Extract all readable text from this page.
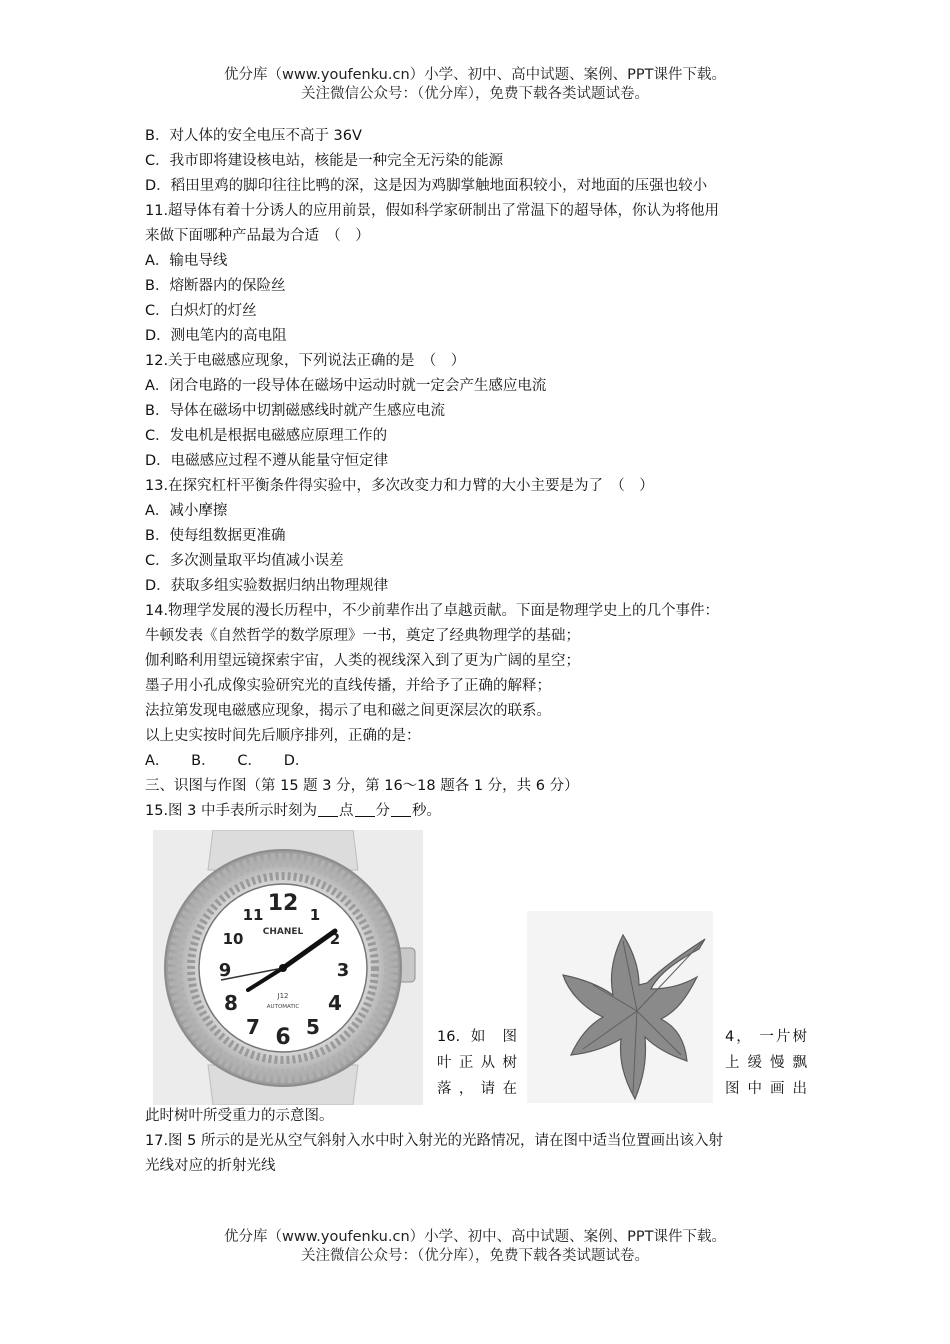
优分库（www.youfenku.cn）小学、初中、高中试题、案例、PPT课件下载。
关注微信公众号：（优分库），免费下载各类试题试卷。
B．对人体的安全电压不高于 36V
C．我市即将建设核电站，核能是一种完全无污染的能源
D．稻田里鸡的脚印往往比鸭的深，这是因为鸡脚掌触地面积较小，对地面的压强也较小
11.超导体有着十分诱人的应用前景，假如科学家研制出了常温下的超导体，你认为将他用
来做下面哪种产品最为合适　（　）
A．输电导线
B．熔断器内的保险丝
C．白炽灯的灯丝
D．测电笔内的高电阻
12.关于电磁感应现象，下列说法正确的是　（　）
A．闭合电路的一段导体在磁场中运动时就一定会产生感应电流
B．导体在磁场中切割磁感线时就产生感应电流
C．发电机是根据电磁感应原理工作的
D．电磁感应过程不遵从能量守恒定律
13.在探究杠杆平衡条件得实验中，多次改变力和力臂的大小主要是为了　（　）
A．减小摩擦
B．使每组数据更准确
C．多次测量取平均值减小误差
D．获取多组实验数据归纳出物理规律
14.物理学发展的漫长历程中，不少前辈作出了卓越贡献。下面是物理学史上的几个事件：
牛顿发表《自然哲学的数学原理》一书，奠定了经典物理学的基础；
伽利略利用望远镜探索宇宙，人类的视线深入到了更为广阔的星空；
墨子用小孔成像实验研究光的直线传播，并给予了正确的解释；
法拉第发现电磁感应现象，揭示了电和磁之间更深层次的联系。
以上史实按时间先后顺序排列，正确的是：
A．　　B．　　C．　　D．
三、识图与作图（第 15 题 3 分，第 16～18 题各 1 分，共 6 分）
15.图 3 中手表所示时刻为 点 分 秒。
12
3
6
9
1
2
4
5
7
8
10
11
CHANEL
J12
AUTOMATIC
16. 如 图
叶 正 从 树
落 ， 请 在
4， 一片树
上 缓 慢 飘
图 中 画 出
此时树叶所受重力的示意图。
17.图 5 所示的是光从空气斜射入水中时入射光的光路情况，请在图中适当位置画出该入射
光线对应的折射光线
优分库（www.youfenku.cn）小学、初中、高中试题、案例、PPT课件下载。
关注微信公众号：（优分库），免费下载各类试题试卷。
